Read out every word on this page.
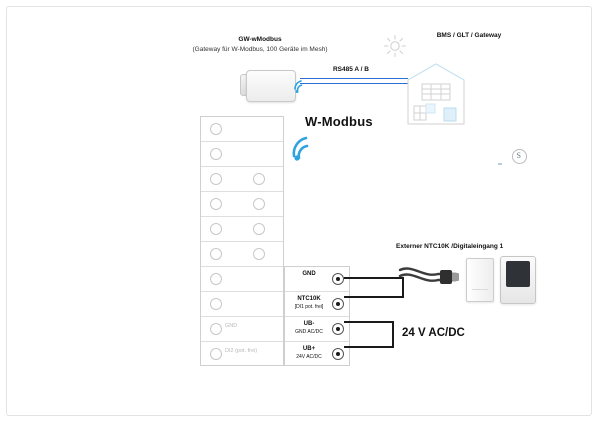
GW-wModbus
(Gateway für W-Modbus, 100 Geräte im Mesh)
S
RS485 A / B
W-Modbus
BMS / GLT / Gateway
GND
DI2 (pot. frei)
GND
NTC10K
[DI1 pot. frei]
UB-
GND AC/DC
UB+
24V AC/DC
24 V AC/DC
Externer NTC10K /Digitaleingang 1
